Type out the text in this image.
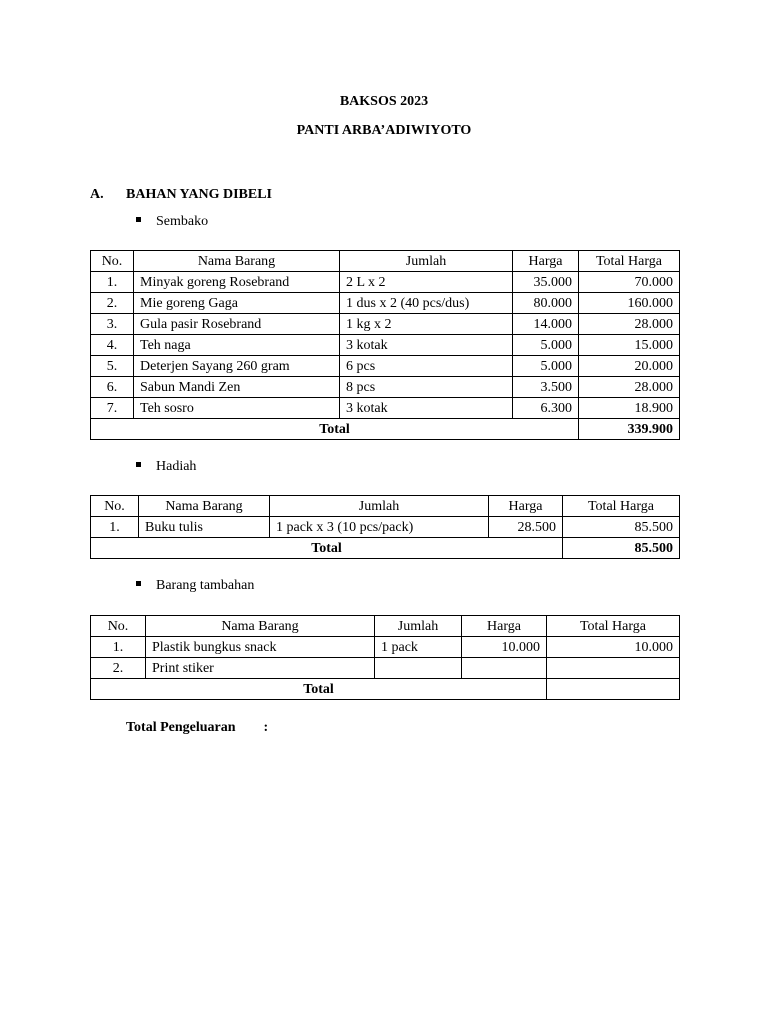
BAKSOS 2023
PANTI ARBA’ADIWIYOTO
A. BAHAN YANG DIBELI
Sembako
No.	Nama Barang	Jumlah	Harga	Total Harga
1.	Minyak goreng Rosebrand	2 L x 2	35.000	70.000
2.	Mie goreng Gaga	1 dus x 2 (40 pcs/dus)	80.000	160.000
3.	Gula pasir Rosebrand	1 kg x 2	14.000	28.000
4.	Teh naga	3 kotak	5.000	15.000
5.	Deterjen Sayang 260 gram	6 pcs	5.000	20.000
6.	Sabun Mandi Zen	8 pcs	3.500	28.000
7.	Teh sosro	3 kotak	6.300	18.900
Total				339.900
Hadiah
No.	Nama Barang	Jumlah	Harga	Total Harga
1.	Buku tulis	1 pack x 3 (10 pcs/pack)	28.500	85.500
Total				85.500
Barang tambahan
No.	Nama Barang	Jumlah	Harga	Total Harga
1.	Plastik bungkus snack	1 pack	10.000	10.000
2.	Print stiker			
Total				
Total Pengeluaran :
